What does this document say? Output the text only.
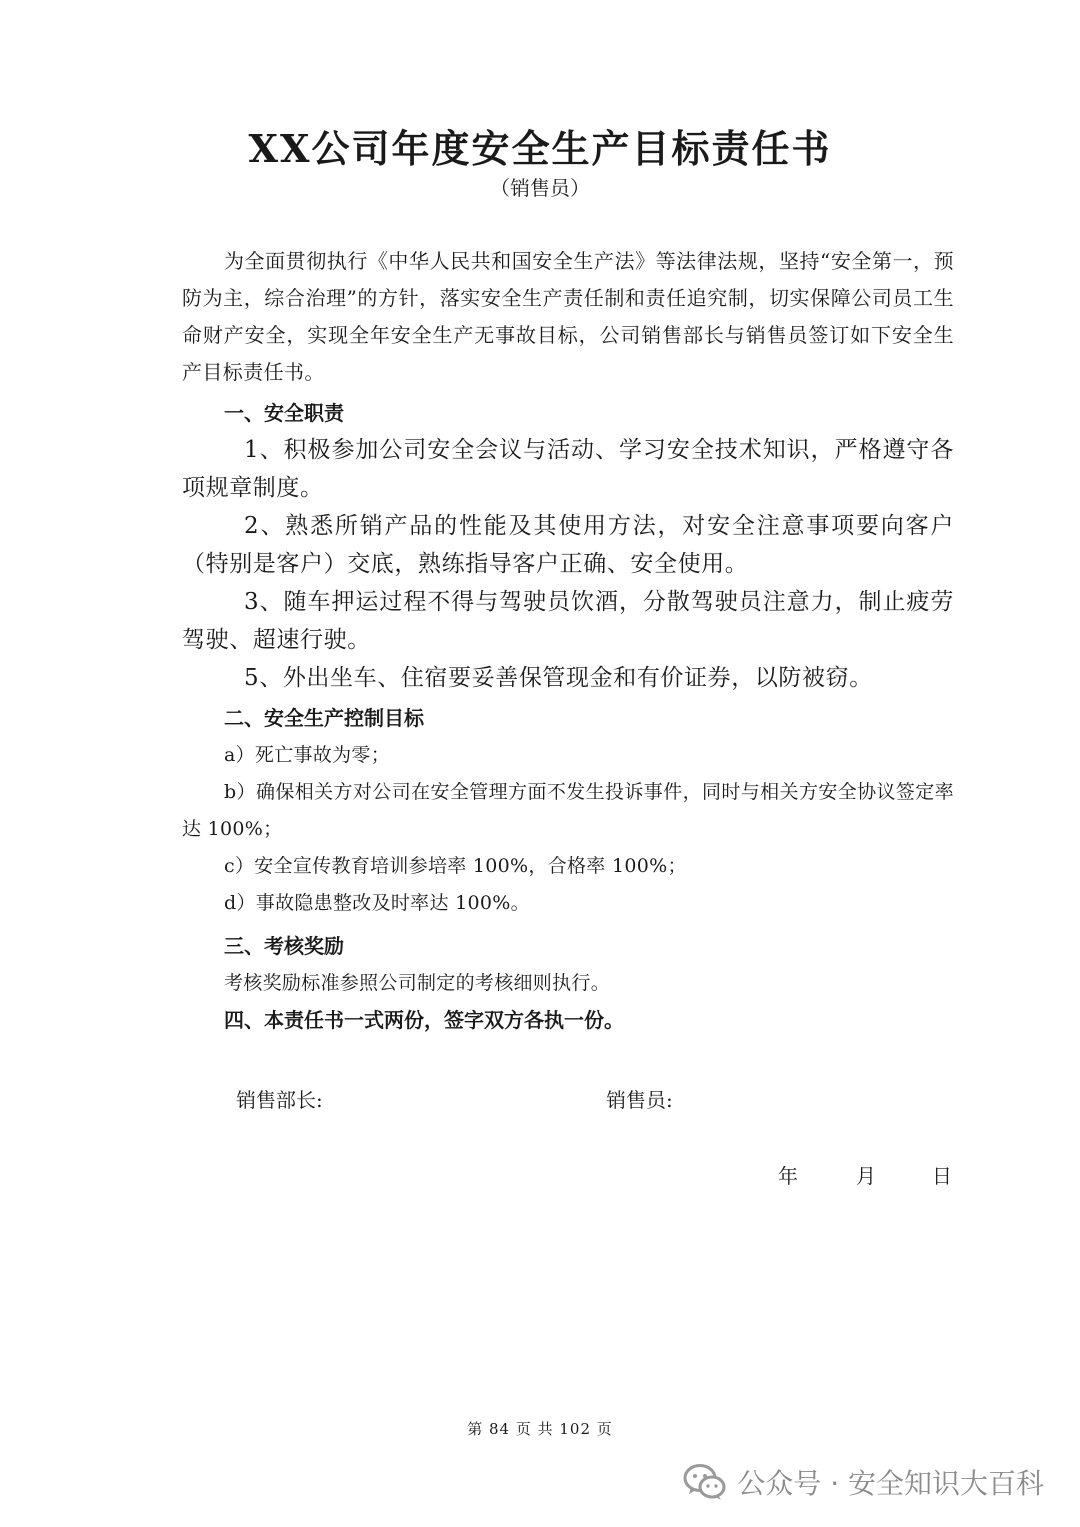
XX公司年度安全生产目标责任书

（销售员）

为全面贯彻执行《中华人民共和国安全生产法》等法律法规，坚持“安全第一，预防为主，综合治理”的方针，落实安全生产责任制和责任追究制，切实保障公司员工生命财产安全，实现全年安全生产无事故目标，公司销售部长与销售员签订如下安全生产目标责任书。

一、安全职责

1、积极参加公司安全会议与活动、学习安全技术知识，严格遵守各项规章制度。

2、熟悉所销产品的性能及其使用方法，对安全注意事项要向客户（特别是客户）交底，熟练指导客户正确、安全使用。

3、随车押运过程不得与驾驶员饮酒，分散驾驶员注意力，制止疲劳驾驶、超速行驶。

5、外出坐车、住宿要妥善保管现金和有价证券，以防被窃。

二、安全生产控制目标

a）死亡事故为零；

b）确保相关方对公司在安全管理方面不发生投诉事件，同时与相关方安全协议签定率达 100%；

c）安全宣传教育培训参培率 100%，合格率 100%；

d）事故隐患整改及时率达 100%。

三、考核奖励

考核奖励标准参照公司制定的考核细则执行。

四、本责任书一式两份，签字双方各执一份。
销售部长:	销售员:
年	月	日
第 84 页 共 102 页
公众号 · 安全知识大百科
